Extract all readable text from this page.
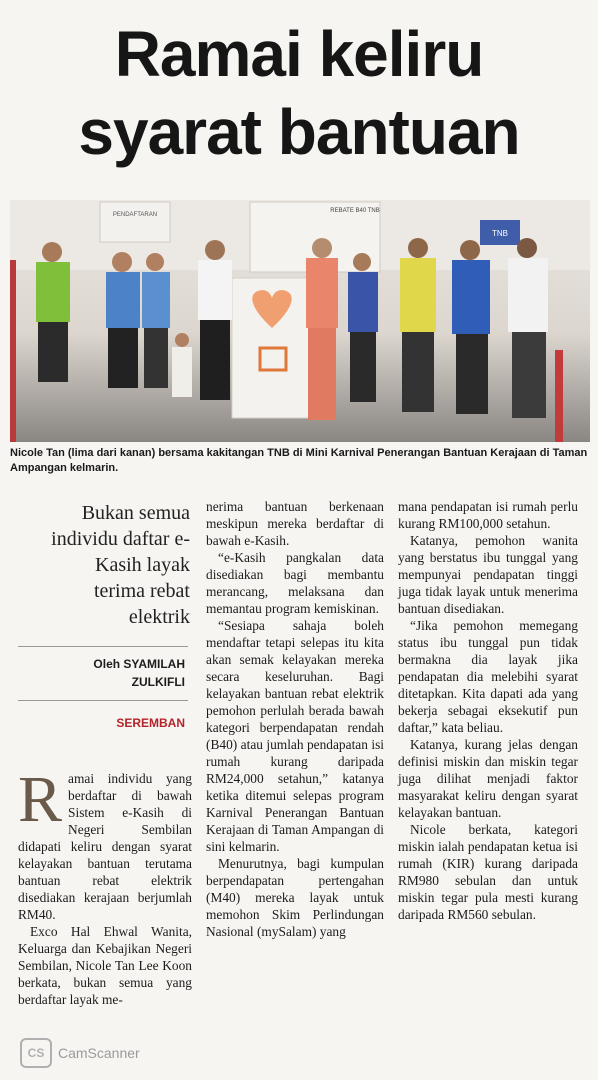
Ramai keliru
syarat bantuan
PENDAFTARAN
REBATE B40 TNB
TNB
Nicole Tan (lima dari kanan) bersama kakitangan TNB di Mini Karnival Penerangan Bantuan Kerajaan di Taman Ampangan kelmarin.
Bukan semua individu daftar e-Kasih layak terima rebat elektrik
Oleh SYAMILAH
ZULKIFLI
SEREMBAN
R amai individu yang berdaftar di bawah Sistem e-Kasih di Negeri Sembilan didapati keliru dengan syarat kelayakan bantuan terutama bantuan rebat elektrik disediakan kerajaan berjumlah RM40.

Exco Hal Ehwal Wanita, Keluarga dan Kebajikan Negeri Sembilan, Nicole Tan Lee Koon berkata, bukan semua yang berdaftar layak me-

nerima bantuan berkenaan meskipun mereka berdaftar di bawah e-Kasih.

“e-Kasih pangkalan data disediakan bagi membantu merancang, melaksana dan memantau program kemiskinan.

“Sesiapa sahaja boleh mendaftar tetapi selepas itu kita akan semak kelayakan mereka secara keseluruhan. Bagi kelayakan bantuan rebat elektrik pemohon perlulah berada bawah kategori berpendapatan rendah (B40) atau jumlah pendapatan isi rumah kurang daripada RM24,000 setahun,” katanya ketika ditemui selepas program Karnival Penerangan Bantuan Kerajaan di Taman Ampangan di sini kelmarin.

Menurutnya, bagi kumpulan berpendapatan pertengahan (M40) mereka layak untuk memohon Skim Perlindungan Nasional (mySalam) yang

mana pendapatan isi rumah perlu kurang RM100,000 setahun.

Katanya, pemohon wanita yang berstatus ibu tunggal yang mempunyai pendapatan tinggi juga tidak layak untuk menerima bantuan disediakan.

“Jika pemohon memegang status ibu tunggal pun tidak bermakna dia layak jika pendapatan dia melebihi syarat ditetapkan. Kita dapati ada yang bekerja sebagai eksekutif pun daftar,” kata beliau.

Katanya, kurang jelas dengan definisi miskin dan miskin tegar juga dilihat menjadi faktor masyarakat keliru dengan syarat kelayakan bantuan.

Nicole berkata, kategori miskin ialah pendapatan ketua isi rumah (KIR) kurang daripada RM980 sebulan dan untuk miskin tegar pula mesti kurang daripada RM560 sebulan.

CS CamScanner
